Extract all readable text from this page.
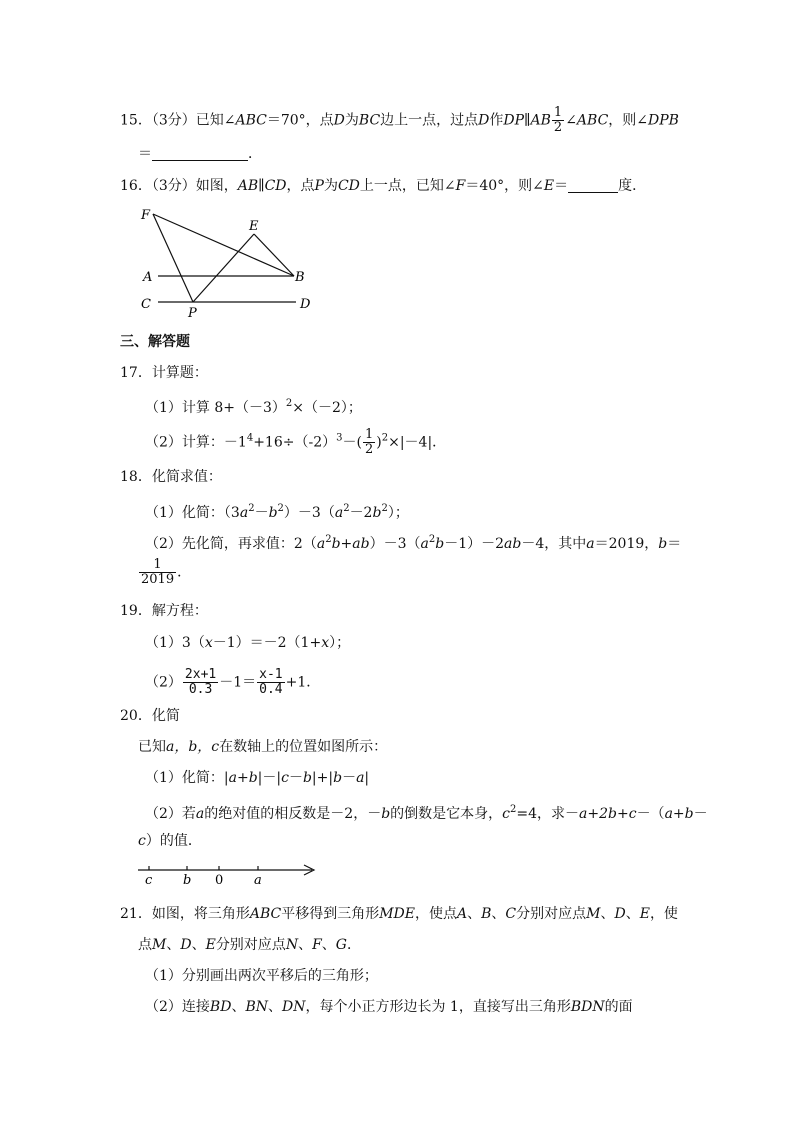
15．（3分）已知∠ABC＝70°，点D为BC边上一点，过点D作DP∥AB $\frac{1}{2}$ ∠ABC，则∠DPB
＝	．
16．（3分）如图，AB∥CD，点P为CD上一点，已知∠F＝40°，则∠E＝	度．
F
E
A	B
C
P
D
三、解答题
17．计算题：
（1）计算 $8+(-3)^2\times(-2)$；
（2）计算：$-1^4+16\div(-2)^3-( \frac{1}{2} )^2\times|-4|$．
18．化简求值：
（1）化简：$(3a^2-b^2)-3(a^2-2b^2)$；
（2）先化简，再求值：$2(a^2b+ab)-3(a^2b-1)-2ab-4$，其中a＝2019，b＝
$\frac{1}{2019}$ ．
19．解方程：
（1）3（x－1）＝－2（1+x）；
$(2) \frac{2x+1}{0.3} -1= \frac{x-1}{0.4} +1$．
20．化简
已知a，b，c在数轴上的位置如图所示：
（1）化简：|a+b|－|c－b|+|b－a|
（2）若a的绝对值的相反数是－2，－b的倒数是它本身，$c^2=4$，求－a+2b+c－（a+b－
c）的值．
c b 0 a
21．如图，将三角形ABC平移得到三角形MDE，使点A、B、C分别对应点M、D、E，使
点M、D、E分别对应点N、F、G．
（1）分别画出两次平移后的三角形；
（2）连接BD、BN、DN，每个小正方形边长为 1，直接写出三角形BDN的面
